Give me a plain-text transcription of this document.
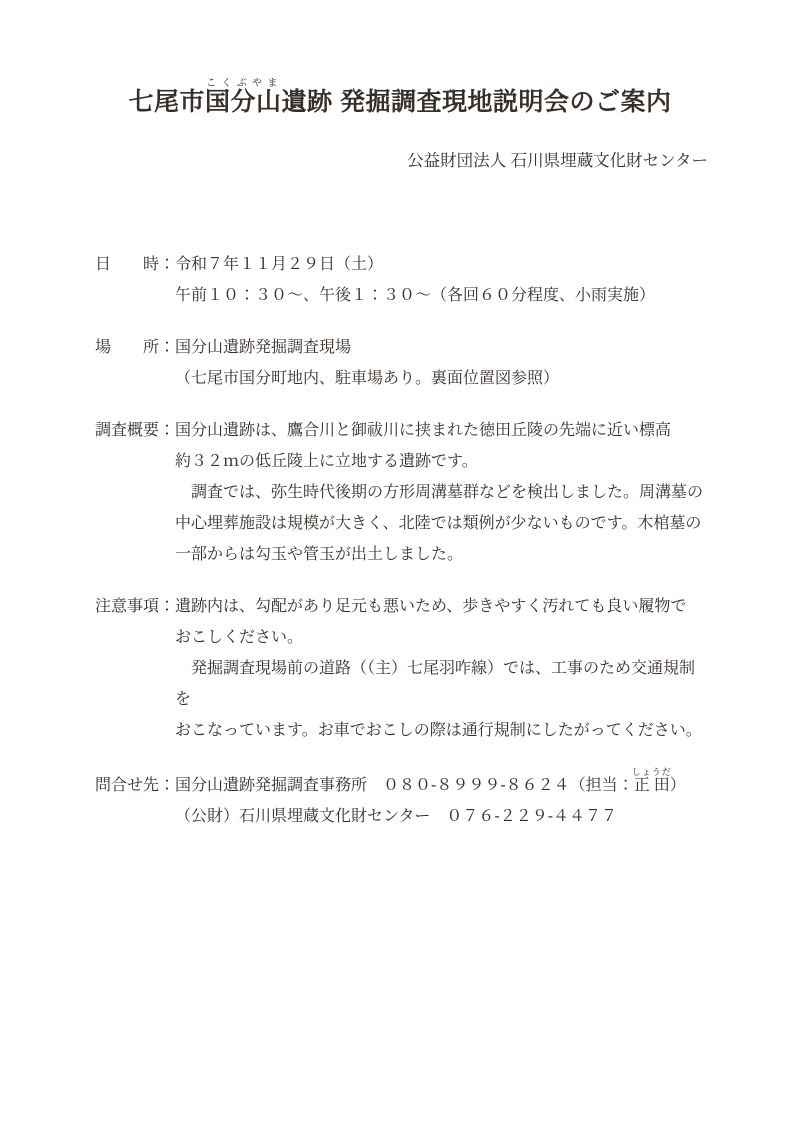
七尾市国分山こくぶやま遺跡 発掘調査現地説明会のご案内
公益財団法人 石川県埋蔵文化財センター
日　　時：令和７年１１月２９日（土）
午前１０：３０～、午後１：３０～（各回６０分程度、小雨実施）
場　　所：国分山遺跡発掘調査現場
（七尾市国分町地内、駐車場あり。裏面位置図参照）
調査概要：国分山遺跡は、鷹合川と御祓川に挟まれた徳田丘陵の先端に近い標高
約３２ｍの低丘陵上に立地する遺跡です。
　調査では、弥生時代後期の方形周溝墓群などを検出しました。周溝墓の
中心埋葬施設は規模が大きく、北陸では類例が少ないものです。木棺墓の
一部からは勾玉や管玉が出土しました。
注意事項：遺跡内は、勾配があり足元も悪いため、歩きやすく汚れても良い履物で
おこしください。
　発掘調査現場前の道路（（主）七尾羽咋線）では、工事のため交通規制を
おこなっています。お車でおこしの際は通行規制にしたがってください。
問合せ先：国分山遺跡発掘調査事務所　０８０-８９９９-８６２４（担当：正田しょうだ）
（公財）石川県埋蔵文化財センター　０７６-２２９-４４７７
